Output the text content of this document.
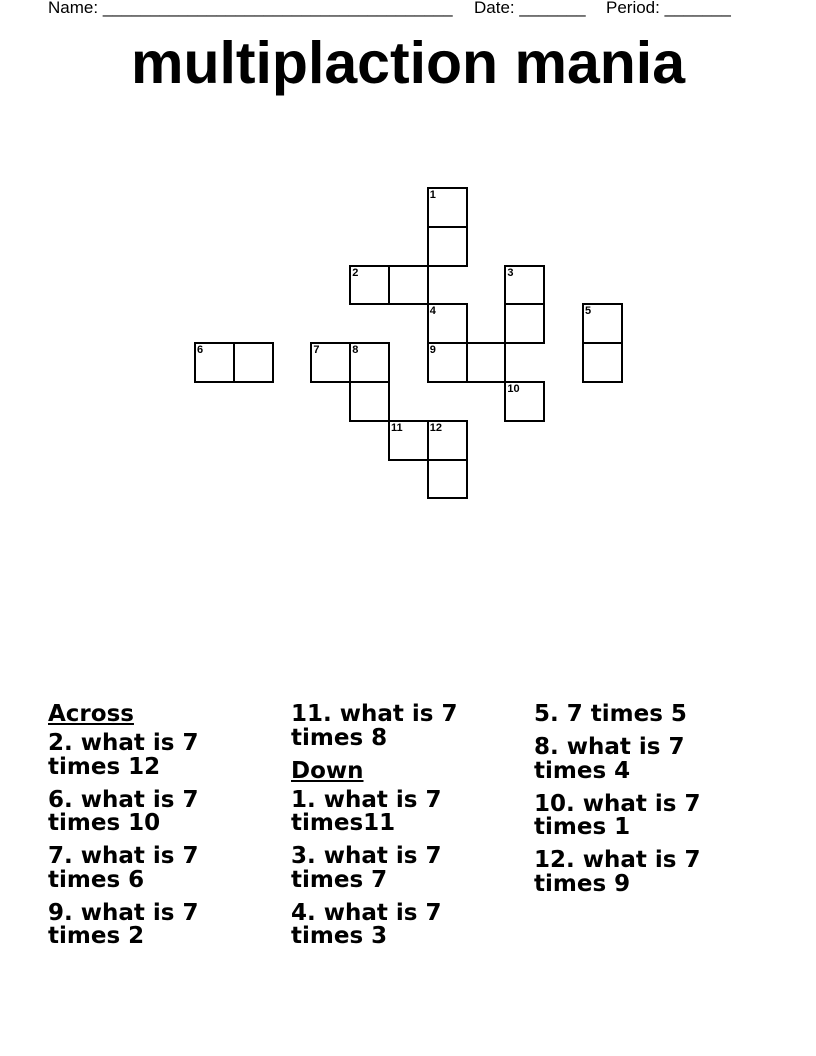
Name: _____________________________________ Date: _______ Period: _______
multiplaction mania
1
2	3
4	5
6	7	8	9
10
11 12
Across
2. what is 7 times 12
6. what is 7 times 10
7. what is 7 times 6
9. what is 7 times 2
11. what is 7 times 8
Down
1. what is 7 times11
3. what is 7 times 7
4. what is 7 times 3
5. 7 times 5
8. what is 7 times 4
10. what is 7 times 1
12. what is 7 times 9
